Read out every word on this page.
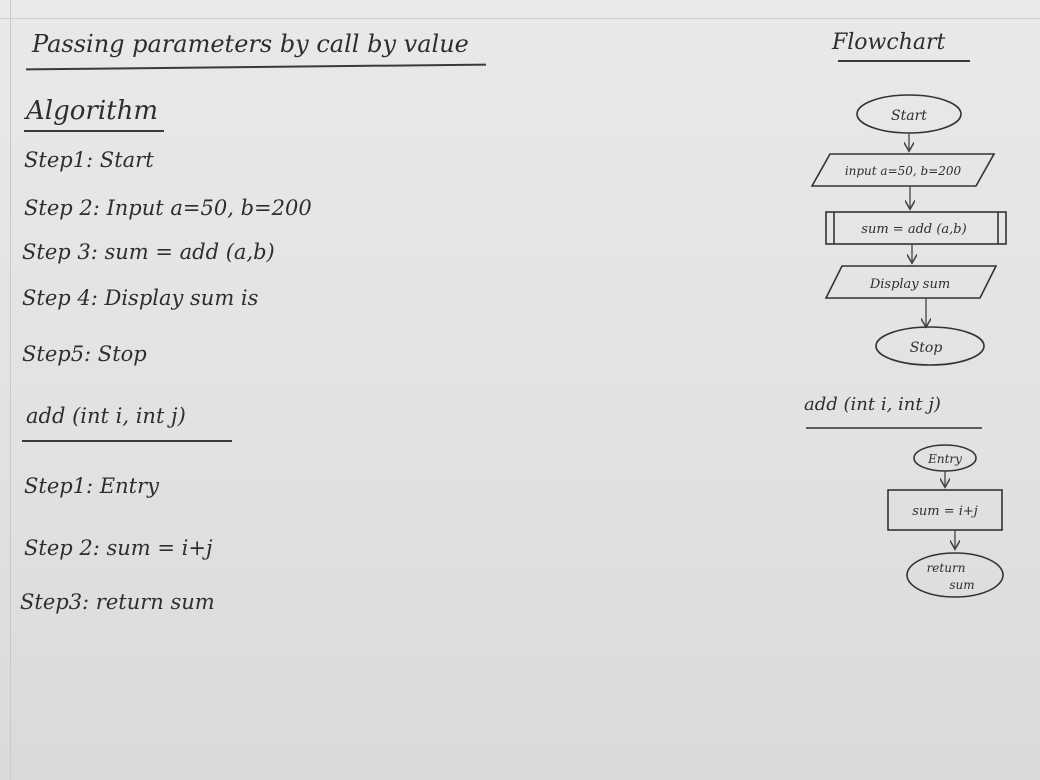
Passing parameters by call by value
Algorithm
Step1: Start
Step 2: Input a=50, b=200
Step 3: sum = add (a,b)
Step 4: Display sum is
Step5: Stop
add (int i, int j)
Step1: Entry
Step 2: sum = i+j
Step3: return sum
Flowchart
Start
input a=50, b=200
sum = add (a,b)
Display sum
Stop
add (int i, int j)
Entry
sum = i+j
return
sum
